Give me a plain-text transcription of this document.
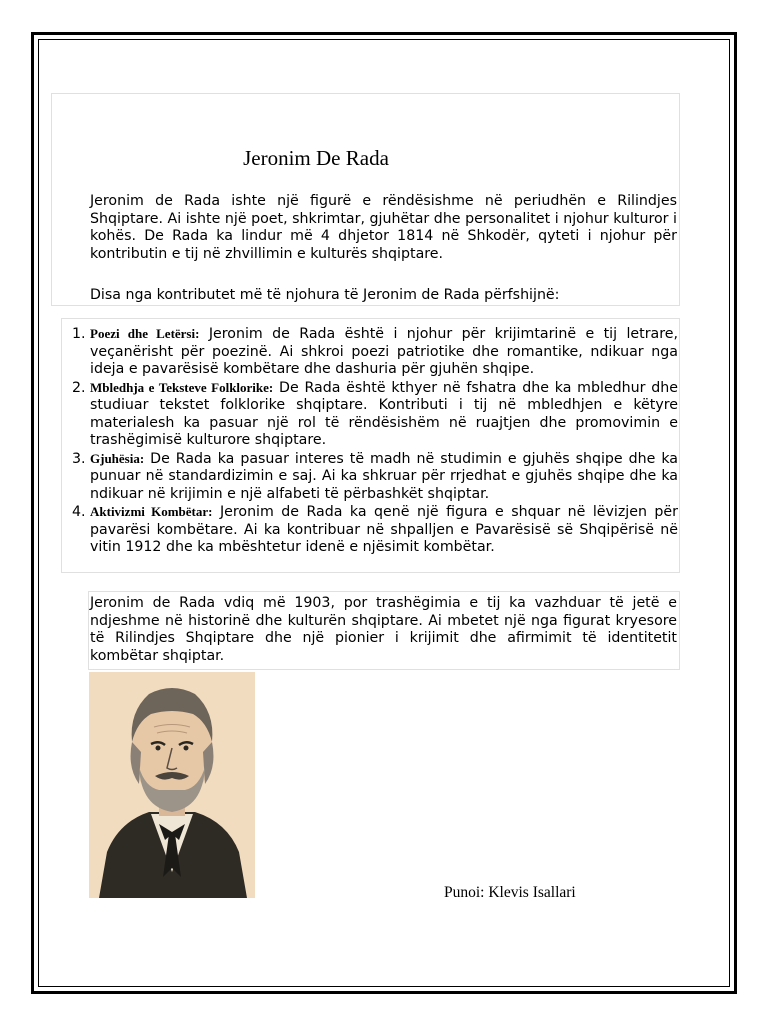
Jeronim De Rada
Jeronim de Rada ishte një figurë e rëndësishme në periudhën e Rilindjes Shqiptare. Ai ishte një poet, shkrimtar, gjuhëtar dhe personalitet i njohur kulturor i kohës. De Rada ka lindur më 4 dhjetor 1814 në Shkodër, qyteti i njohur për kontributin e tij në zhvillimin e kulturës shqiptare.
Disa nga kontributet më të njohura të Jeronim de Rada përfshijnë:
1. Poezi dhe Letërsi: Jeronim de Rada është i njohur për krijimtarinë e tij letrare, veçanërisht për poezinë. Ai shkroi poezi patriotike dhe romantike, ndikuar nga ideja e pavarësisë kombëtare dhe dashuria për gjuhën shqipe.
2. Mbledhja e Teksteve Folklorike: De Rada është kthyer në fshatra dhe ka mbledhur dhe studiuar tekstet folklorike shqiptare. Kontributi i tij në mbledhjen e këtyre materialesh ka pasuar një rol të rëndësishëm në ruajtjen dhe promovimin e trashëgimisë kulturore shqiptare.
3. Gjuhësia: De Rada ka pasuar interes të madh në studimin e gjuhës shqipe dhe ka punuar në standardizimin e saj. Ai ka shkruar për rrjedhat e gjuhës shqipe dhe ka ndikuar në krijimin e një alfabeti të përbashkët shqiptar.
4. Aktivizmi Kombëtar: Jeronim de Rada ka qenë një figura e shquar në lëvizjen për pavarësi kombëtare. Ai ka kontribuar në shpalljen e Pavarësisë së Shqipërisë në vitin 1912 dhe ka mbështetur idenë e njësimit kombëtar.
Jeronim de Rada vdiq më 1903, por trashëgimia e tij ka vazhduar të jetë e ndjeshme në historinë dhe kulturën shqiptare. Ai mbetet një nga figurat kryesore të Rilindjes Shqiptare dhe një pionier i krijimit dhe afirmimit të identitetit kombëtar shqiptar.
Punoi: Klevis Isallari
